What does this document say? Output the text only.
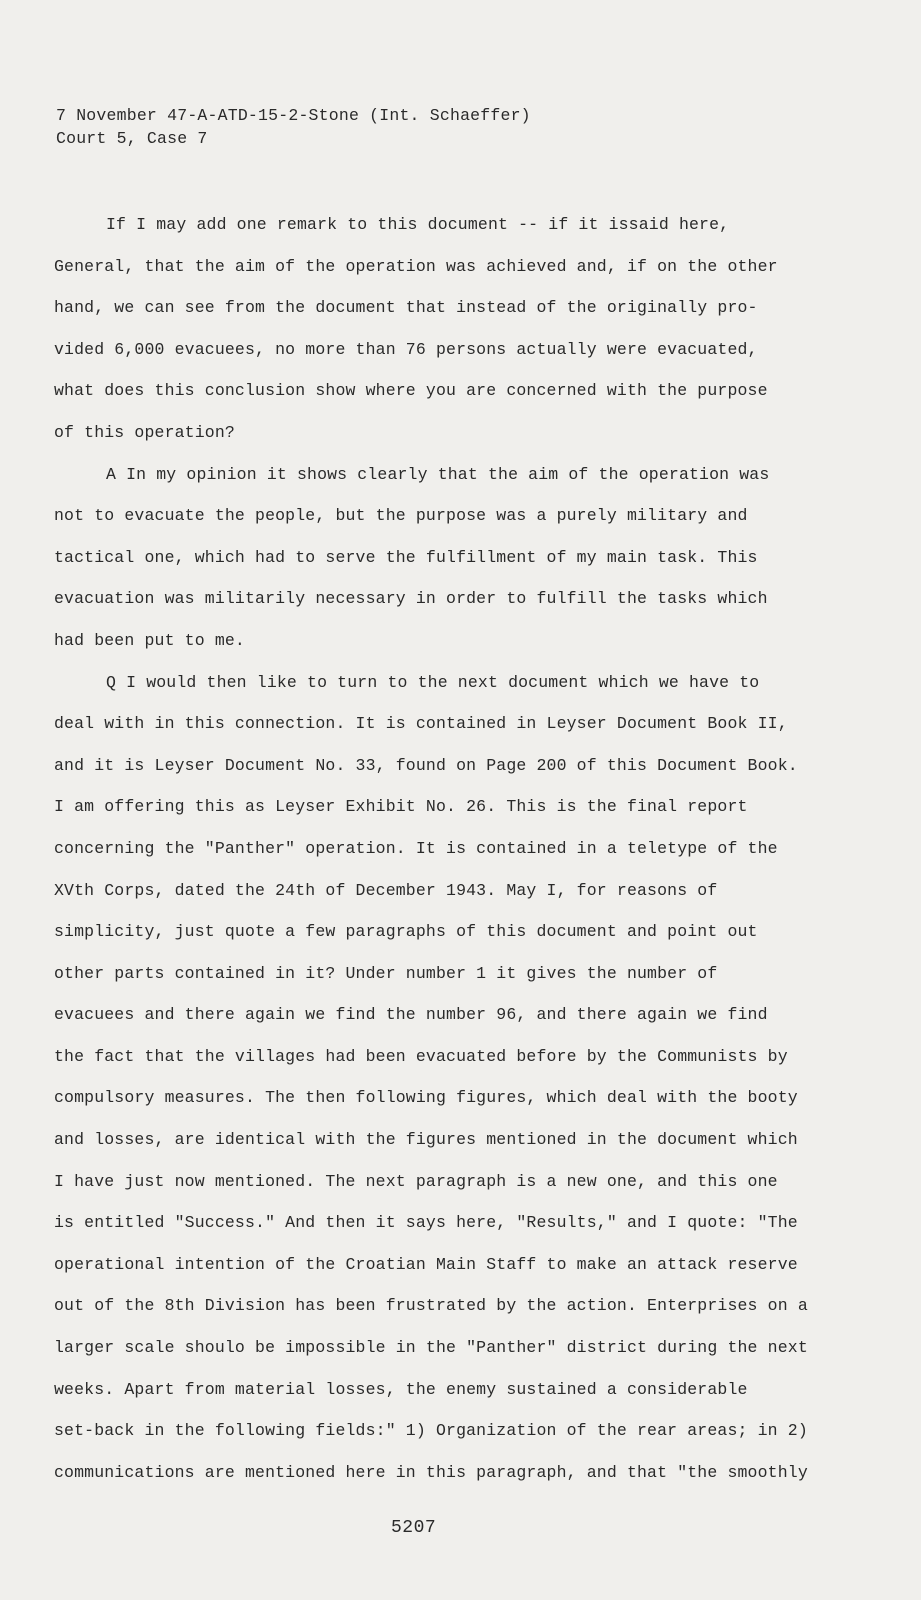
7 November 47-A-ATD-15-2-Stone (Int. Schaeffer)
Court 5, Case 7
If I may add one remark to this document -- if it issaid here,
General, that the aim of the operation was achieved and, if on the other
hand, we can see from the document that instead of the originally pro-
vided 6,000 evacuees, no more than 76 persons actually were evacuated,
what does this conclusion show where you are concerned with the purpose
of this operation?
A In my opinion it shows clearly that the aim of the operation was
not to evacuate the people, but the purpose was a purely military and
tactical one, which had to serve the fulfillment of my main task. This
evacuation was militarily necessary in order to fulfill the tasks which
had been put to me.
Q I would then like to turn to the next document which we have to
deal with in this connection. It is contained in Leyser Document Book II,
and it is Leyser Document No. 33, found on Page 200 of this Document Book.
I am offering this as Leyser Exhibit No. 26. This is the final report
concerning the "Panther" operation. It is contained in a teletype of the
XVth Corps, dated the 24th of December 1943. May I, for reasons of
simplicity, just quote a few paragraphs of this document and point out
other parts contained in it? Under number 1 it gives the number of
evacuees and there again we find the number 96, and there again we find
the fact that the villages had been evacuated before by the Communists by
compulsory measures. The then following figures, which deal with the booty
and losses, are identical with the figures mentioned in the document which
I have just now mentioned. The next paragraph is a new one, and this one
is entitled "Success." And then it says here, "Results," and I quote: "The
operational intention of the Croatian Main Staff to make an attack reserve
out of the 8th Division has been frustrated by the action. Enterprises on a
larger scale shoulo be impossible in the "Panther" district during the next
weeks. Apart from material losses, the enemy sustained a considerable
set-back in the following fields:" 1) Organization of the rear areas; in 2)
communications are mentioned here in this paragraph, and that "the smoothly
5207
